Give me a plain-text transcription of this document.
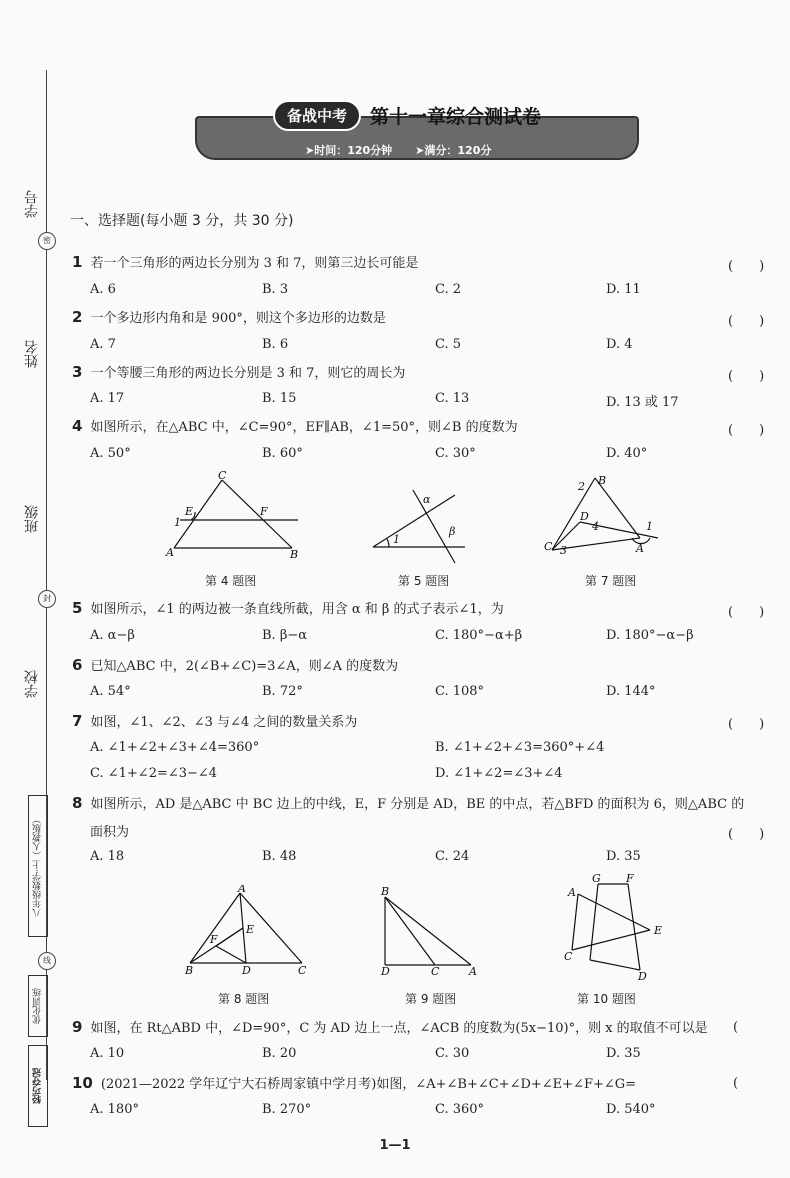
学号
密
姓名
班级
封
学校
八年级数学·上（人教版）
线
优化训练
轻巧夺冠
备战中考	第十一章综合测试卷
➤时间：120分钟 ➤满分：120分
一、选择题(每小题 3 分，共 30 分)
1 若一个三角形的两边长分别为 3 和 7，则第三边长可能是	(　　)
A. 6	B. 3	C. 2	D. 11
2 一个多边形内角和是 900°，则这个多边形的边数是	(　　)
A. 7	B. 6	C. 5	D. 4
3 一个等腰三角形的两边长分别是 3 和 7，则它的周长为	(　　)
A. 17	B. 15	C. 13	D. 13 或 17
4 如图所示，在△ABC 中，∠C=90°，EF∥AB，∠1=50°，则∠B 的度数为	(　　)
A. 50°	B. 60°	C. 30°	D. 40°
C
A	B
E	F
1
第 4 题图
1
α
β
第 5 题图
B
2
D
4
C 3	A
1
第 7 题图
5 如图所示，∠1 的两边被一条直线所截，用含 α 和 β 的式子表示∠1，为	(　　)
A. α−β	B. β−α	C. 180°−α+β	D. 180°−α−β
6 已知△ABC 中，2(∠B+∠C)=3∠A，则∠A 的度数为
A. 54°	B. 72°	C. 108°	D. 144°
7 如图，∠1、∠2、∠3 与∠4 之间的数量关系为	(　　)
A. ∠1+∠2+∠3+∠4=360°	B. ∠1+∠2+∠3=360°+∠4
C. ∠1+∠2=∠3−∠4	D. ∠1+∠2=∠3+∠4
8 如图所示，AD 是△ABC 中 BC 边上的中线，E，F 分别是 AD，BE 的中点，若△BFD 的面积为 6，则△ABC 的
面积为	(　　)
A. 18	B. 48	C. 24	D. 35
A
B	D	C
E
F
第 8 题图
B
D	C	A
第 9 题图
A
G F
E
C
D
第 10 题图
9 如图，在 Rt△ABD 中，∠D=90°，C 为 AD 边上一点，∠ACB 的度数为(5x−10)°，则 x 的取值不可以是 (
A. 10	B. 20	C. 30	D. 35
10 (2021—2022 学年辽宁大石桥周家镇中学月考)如图，∠A+∠B+∠C+∠D+∠E+∠F+∠G=	(
A. 180°	B. 270°	C. 360°	D. 540°
1—1
